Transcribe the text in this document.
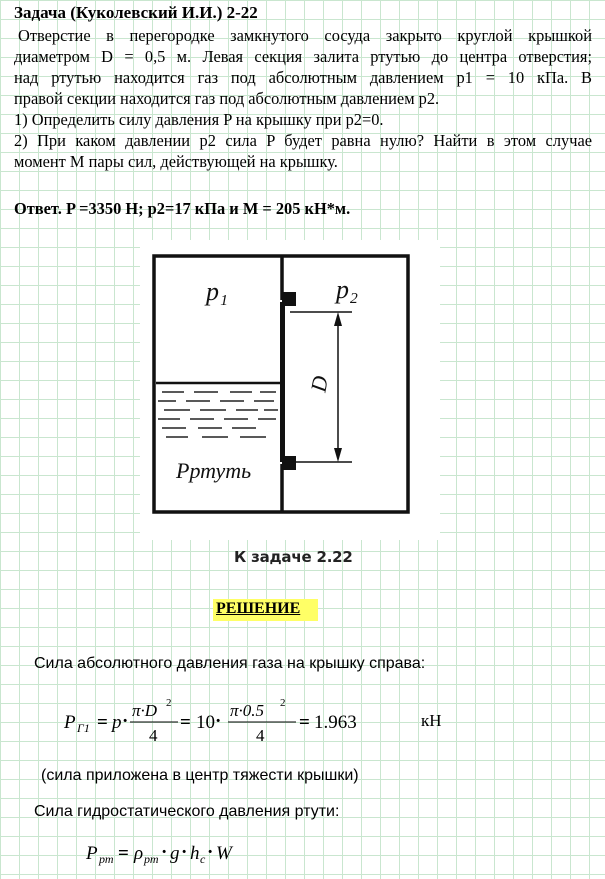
Задача (Куколевский И.И.) 2-22

Отверстие в перегородке замкнутого сосуда закрыто круглой крышкой

диаметром D = 0,5 м. Левая секция залита ртутью до центра отверстия;

над ртутью находится газ под абсолютным давлением p1 = 10 кПа. В

правой секции находится газ под абсолютным давлением p2.

1) Определить силу давления P на крышку при p2=0.

2) При каком давлении p2 сила P будет равна нулю? Найти в этом случае

момент M пары сил, действующей на крышку.

Ответ. P =3350 Н; р2=17 кПа и М = 205 кН*м.
p₁	p₂
D
Pртуть
К задаче 2.22
РЕШЕНИЕ
Сила абсолютного давления газа на крышку справа:
P Г1 = p ·
π·D 2
4
= 10 ·
π·0.5 2
4
= 1.963	кН
(сила приложена в центр тяжести крышки)
Сила гидростатического давления ртути:
P рт = ρ рт · g · h c · W
